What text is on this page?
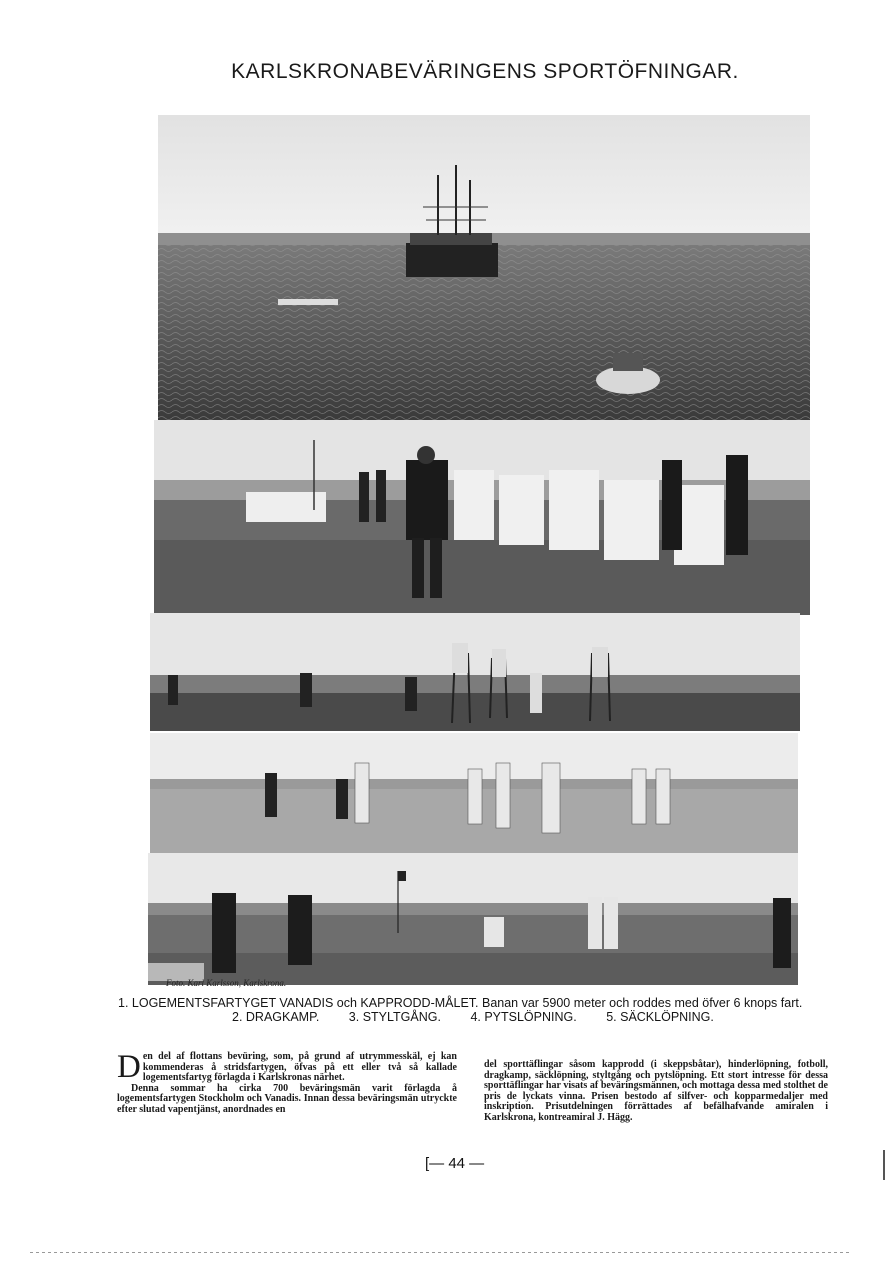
KARLSKRONABEVÄRINGENS SPORTÖFNINGAR.
Foto. Karl Karlsson, Karlskrona.
1. LOGEMENTSFARTYGET VANADIS och KAPPRODD-MÅLET. Banan var 5900 meter och roddes med öfver 6 knops fart.
2. DRAGKAMP. 3. STYLTGÅNG. 4. PYTSLÖPNING. 5. SÄCKLÖPNING.

Den del af flottans bevüring, som, på grund af utrymmesskäl, ej kan kommenderas å stridsfartygen, öfvas på ett eller två så kallade logementsfartyg förlagda i Karlskronas närhet.

Denna sommar ha cirka 700 beväringsmän varit förlagda å logementsfartygen Stockholm och Vanadis. Innan dessa beväringsmän utryckte efter slutad vapentjänst, anordnades en

del sporttäflingar såsom kapprodd (i skeppsbåtar), hinderlöpning, fotboll, dragkamp, säcklöpning, styltgång och pytslöpning. Ett stort intresse för dessa sporttäflingar har visats af beväringsmännen, och mottaga dessa med stolthet de pris de lyckats vinna. Prisen bestodo af silfver- och kopparmedaljer med inskription. Prisutdelningen förrättades af befälhafvande amiralen i Karlskrona, kontreamiral J. Hägg.

[— 44 —
